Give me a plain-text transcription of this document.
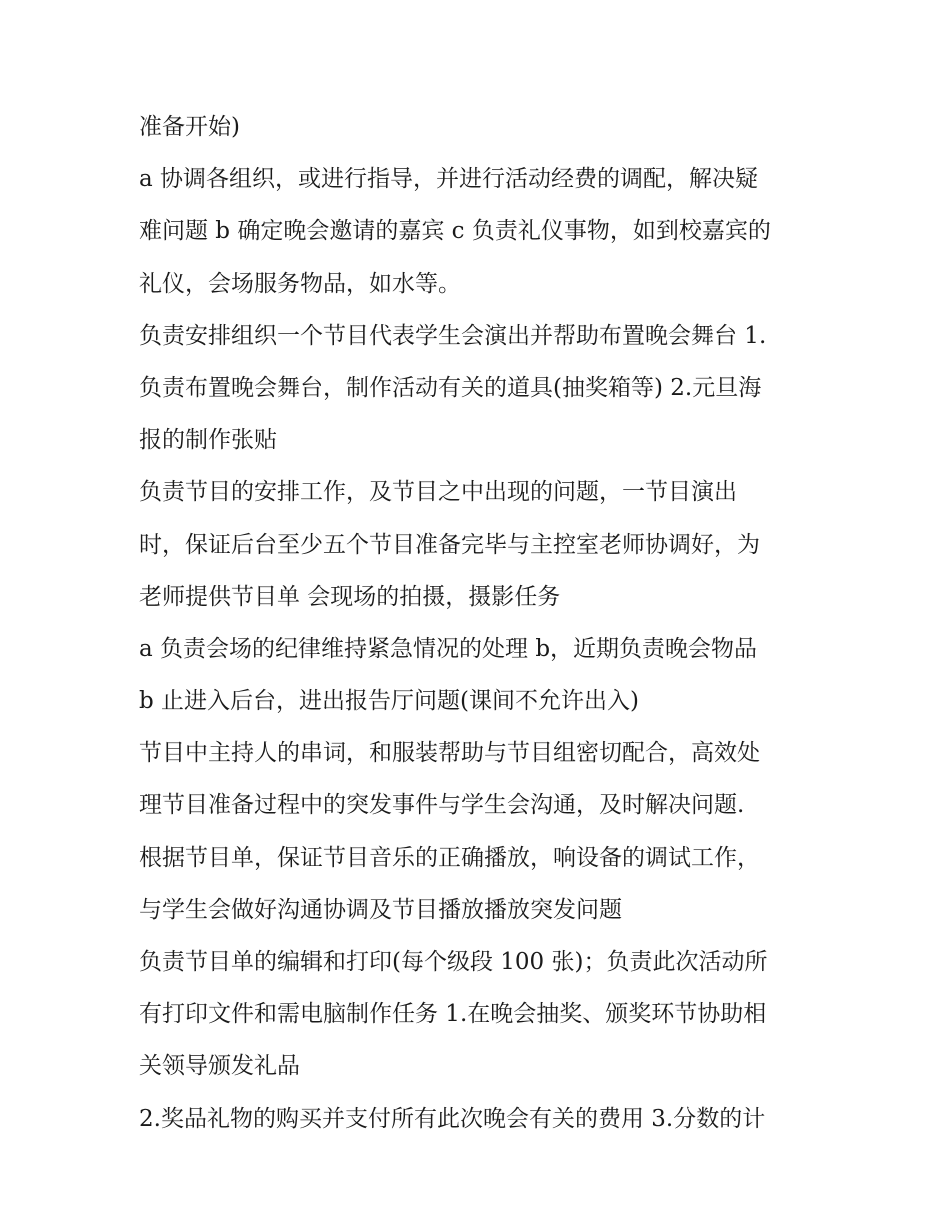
准备开始)
a 协调各组织，或进行指导，并进行活动经费的调配，解决疑
难问题 b 确定晚会邀请的嘉宾 c 负责礼仪事物，如到校嘉宾的
礼仪，会场服务物品，如水等。
负责安排组织一个节目代表学生会演出并帮助布置晚会舞台 1.
负责布置晚会舞台，制作活动有关的道具(抽奖箱等) 2.元旦海
报的制作张贴
负责节目的安排工作，及节目之中出现的问题，一节目演出
时，保证后台至少五个节目准备完毕与主控室老师协调好，为
老师提供节目单 会现场的拍摄，摄影任务
a 负责会场的纪律维持紧急情况的处理 b，近期负责晚会物品
b 止进入后台，进出报告厅问题(课间不允许出入)
节目中主持人的串词，和服装帮助与节目组密切配合，高效处
理节目准备过程中的突发事件与学生会沟通，及时解决问题.
根据节目单，保证节目音乐的正确播放，响设备的调试工作，
与学生会做好沟通协调及节目播放播放突发问题
负责节目单的编辑和打印(每个级段 100 张)；负责此次活动所
有打印文件和需电脑制作任务 1.在晚会抽奖、颁奖环节协助相
关领导颁发礼品
2.奖品礼物的购买并支付所有此次晚会有关的费用 3.分数的计
